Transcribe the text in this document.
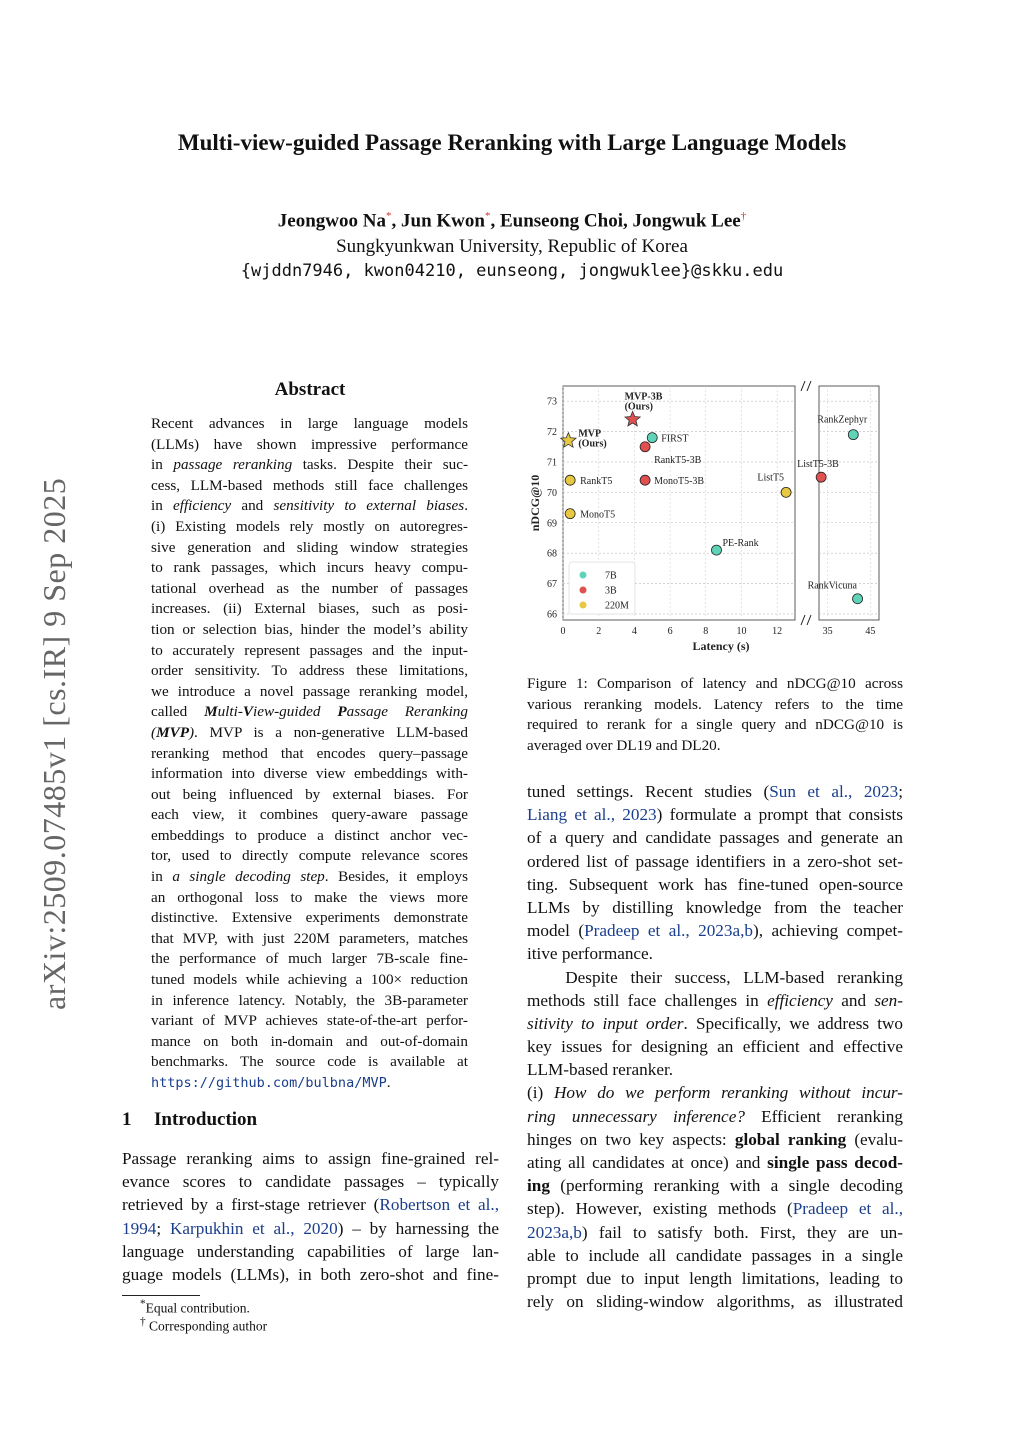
Multi-view-guided Passage Reranking with Large Language Models
Jeongwoo Na*, Jun Kwon*, Eunseong Choi, Jongwuk Lee†
Sungkyunkwan University, Republic of Korea
{wjddn7946, kwon04210, eunseong, jongwuklee}@skku.edu
arXiv:2509.07485v1 [cs.IR] 9 Sep 2025
Abstract
Recent advances in large language models
(LLMs) have shown impressive performance
in passage reranking tasks. Despite their suc-
cess, LLM-based methods still face challenges
in efficiency and sensitivity to external biases.
(i) Existing models rely mostly on autoregres-
sive generation and sliding window strategies
to rank passages, which incurs heavy compu-
tational overhead as the number of passages
increases. (ii) External biases, such as posi-
tion or selection bias, hinder the model’s ability
to accurately represent passages and the input-
order sensitivity. To address these limitations,
we introduce a novel passage reranking model,
called Multi-View-guided Passage Reranking
(MVP). MVP is a non-generative LLM-based
reranking method that encodes query–passage
information into diverse view embeddings with-
out being influenced by external biases. For
each view, it combines query-aware passage
embeddings to produce a distinct anchor vec-
tor, used to directly compute relevance scores
in a single decoding step. Besides, it employs
an orthogonal loss to make the views more
distinctive. Extensive experiments demonstrate
that MVP, with just 220M parameters, matches
the performance of much larger 7B-scale fine-
tuned models while achieving a 100× reduction
in inference latency. Notably, the 3B-parameter
variant of MVP achieves state-of-the-art perfor-
mance on both in-domain and out-of-domain
benchmarks. The source code is available at
https://github.com/bulbna/MVP.
1 Introduction
Passage reranking aims to assign fine-grained rel-
evance scores to candidate passages – typically
retrieved by a first-stage retriever (Robertson et al.,
1994; Karpukhin et al., 2020) – by harnessing the
language understanding capabilities of large lan-
guage models (LLMs), in both zero-shot and fine-
tuned settings. Recent studies (Sun et al., 2023;
Liang et al., 2023) formulate a prompt that consists
of a query and candidate passages and generate an
ordered list of passage identifiers in a zero-shot set-
ting. Subsequent work has fine-tuned open-source
LLMs by distilling knowledge from the teacher
model (Pradeep et al., 2023a,b), achieving compet-
itive performance.
Despite their success, LLM-based reranking
methods still face challenges in efficiency and sen-
sitivity to input order. Specifically, we address two
key issues for designing an efficient and effective
LLM-based reranker.
(i) How do we perform reranking without incur-
ring unnecessary inference? Efficient reranking
hinges on two key aspects: global ranking (evalu-
ating all candidates at once) and single pass decod-
ing (performing reranking with a single decoding
step). However, existing methods (Pradeep et al.,
2023a,b) fail to satisfy both. First, they are un-
able to include all candidate passages in a single
prompt due to input length limitations, leading to
rely on sliding-window algorithms, as illustrated
*Equal contribution.
† Corresponding author
66
67
68
69
70
71
72
73
0	2	4	6	8	10	12	35	45
Latency (s)
nDCG@10
MVP
(Ours)
MVP-3B
(Ours)
FIRST
RankT5-3B
RankT5	MonoT5-3B
MonoT5
PE-Rank
ListT5
ListT5-3B
RankZephyr
RankVicuna
7B
3B
220M
Figure 1: Comparison of latency and nDCG@10 across
various reranking models. Latency refers to the time
required to rerank for a single query and nDCG@10 is
averaged over DL19 and DL20.
